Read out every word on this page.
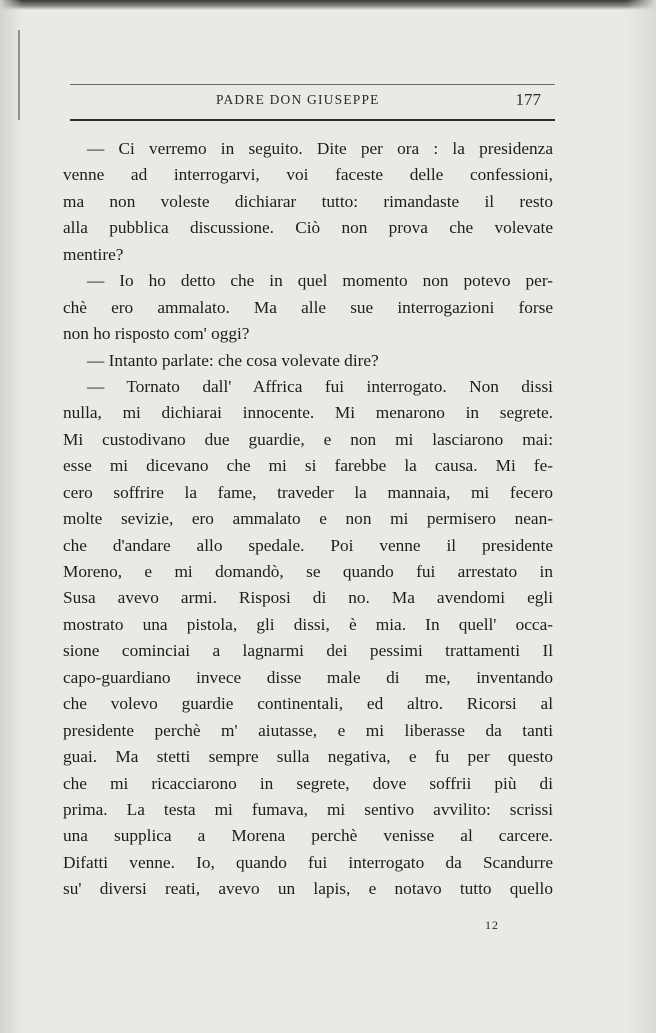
PADRE DON GIUSEPPE	177
— Ci verremo in seguito. Dite per ora : la presidenza
venne ad interrogarvi, voi faceste delle confessioni,
ma non voleste dichiarar tutto: rimandaste il resto
alla pubblica discussione. Ciò non prova che volevate
mentire?
— Io ho detto che in quel momento non potevo per-
chè ero ammalato. Ma alle sue interrogazioni forse
non ho risposto com' oggi?
— Intanto parlate: che cosa volevate dire?
— Tornato dall' Affrica fui interrogato. Non dissi
nulla, mi dichiarai innocente. Mi menarono in segrete.
Mi custodivano due guardie, e non mi lasciarono mai:
esse mi dicevano che mi si farebbe la causa. Mi fe-
cero soffrire la fame, traveder la mannaia, mi fecero
molte sevizie, ero ammalato e non mi permisero nean-
che d'andare allo spedale. Poi venne il presidente
Moreno, e mi domandò, se quando fui arrestato in
Susa avevo armi. Risposi di no. Ma avendomi egli
mostrato una pistola, gli dissi, è mia. In quell' occa-
sione cominciai a lagnarmi dei pessimi trattamenti Il
capo-guardiano invece disse male di me, inventando
che volevo guardie continentali, ed altro. Ricorsi al
presidente perchè m' aiutasse, e mi liberasse da tanti
guai. Ma stetti sempre sulla negativa, e fu per questo
che mi ricacciarono in segrete, dove soffrii più di
prima. La testa mi fumava, mi sentivo avvilito: scrissi
una supplica a Morena perchè venisse al carcere.
Difatti venne. Io, quando fui interrogato da Scandurre
su' diversi reati, avevo un lapis, e notavo tutto quello
12
